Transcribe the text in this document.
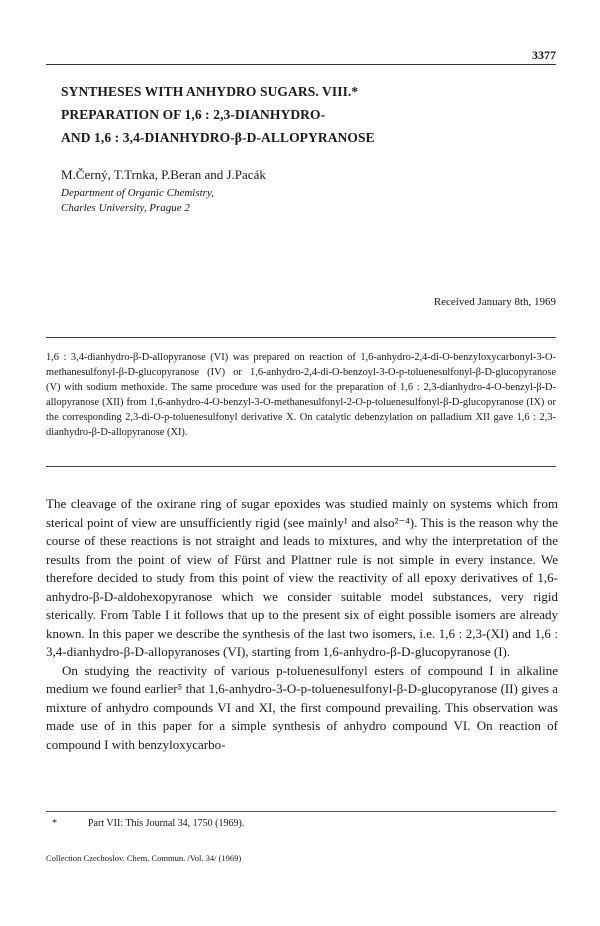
3377
SYNTHESES WITH ANHYDRO SUGARS. VIII.*
PREPARATION OF 1,6 : 2,3-DIANHYDRO-
AND 1,6 : 3,4-DIANHYDRO-β-D-ALLOPYRANOSE
M.Černý, T.Trnka, P.Beran and J.Pacák
Department of Organic Chemistry,
Charles University, Prague 2
Received January 8th, 1969

1,6 : 3,4-dianhydro-β-D-allopyranose (VI) was prepared on reaction of 1,6-anhydro-2,4-di-O-benzyloxycarbonyl-3-O-methanesulfonyl-β-D-glucopyranose (IV) or 1,6-anhydro-2,4-di-O-benzoyl-3-O-p-toluenesulfonyl-β-D-glucopyranose (V) with sodium methoxide. The same procedure was used for the preparation of 1,6 : 2,3-dianhydro-4-O-benzyl-β-D-allopyranose (XII) from 1,6-anhydro-4-O-benzyl-3-O-methanesulfonyl-2-O-p-toluenesulfonyl-β-D-glucopyranose (IX) or the corresponding 2,3-di-O-p-toluenesulfonyl derivative X. On catalytic debenzylation on palladium XII gave 1,6 : 2,3-dianhydro-β-D-allopyranose (XI).

The cleavage of the oxirane ring of sugar epoxides was studied mainly on systems which from sterical point of view are unsufficiently rigid (see mainly¹ and also²⁻⁴). This is the reason why the course of these reactions is not straight and leads to mixtures, and why the interpretation of the results from the point of view of Fürst and Plattner rule is not simple in every instance. We therefore decided to study from this point of view the reactivity of all epoxy derivatives of 1,6-anhydro-β-D-aldohexopyranose which we consider suitable model substances, very rigid sterically. From Table I it follows that up to the present six of eight possible isomers are already known. In this paper we describe the synthesis of the last two isomers, i.e. 1,6 : 2,3-(XI) and 1,6 : 3,4-dianhydro-β-D-allopyranoses (VI), starting from 1,6-anhydro-β-D-glucopyranose (I).

On studying the reactivity of various p-toluenesulfonyl esters of compound I in alkaline medium we found earlier⁵ that 1,6-anhydro-3-O-p-toluenesulfonyl-β-D-glucopyranose (II) gives a mixture of anhydro compounds VI and XI, the first compound prevailing. This observation was made use of in this paper for a simple synthesis of anhydro compound VI. On reaction of compound I with benzyloxycarbo-

*	Part VII: This Journal 34, 1750 (1969).
Collection Czechoslov. Chem. Commun. /Vol. 34/ (1969)
